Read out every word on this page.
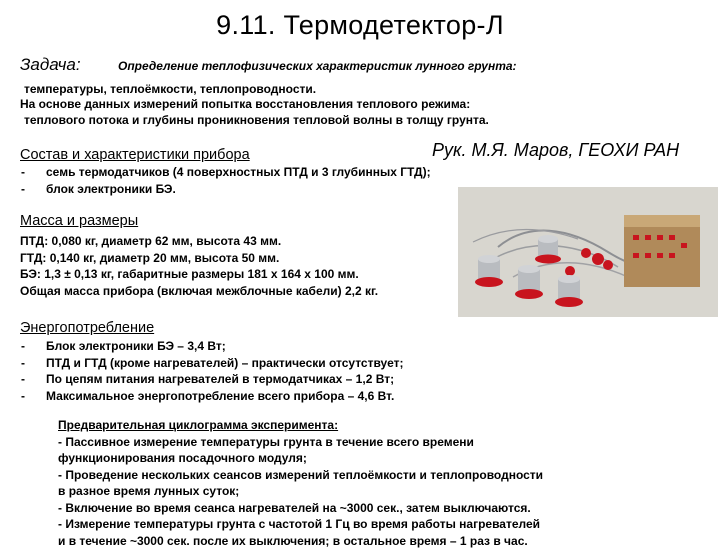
9.11. Термодетектор-Л
Задача:	Определение теплофизических характеристик лунного грунта:
температуры, теплоёмкости, теплопроводности.
На основе данных измерений попытка восстановления теплового режима:
теплового потока и глубины проникновения тепловой волны в толщу грунта.
Состав и характеристики прибора	Рук. М.Я. Маров, ГЕОХИ РАН
- семь термодатчиков (4 поверхностных ПТД и 3 глубинных ГТД);
- блок электроники БЭ.
Масса и размеры
ПТД: 0,080 кг, диаметр 62 мм, высота 43 мм.
ГТД: 0,140 кг, диаметр 20 мм, высота 50 мм.
БЭ: 1,3 ± 0,13 кг, габаритные размеры 181 х 164 х 100 мм.
Общая масса прибора (включая межблочные кабели) 2,2 кг.
Энергопотребление
- Блок электроники БЭ – 3,4 Вт;
- ПТД и ГТД (кроме нагревателей) – практически отсутствует;
- По цепям питания нагревателей в термодатчиках – 1,2 Вт;
- Максимальное энергопотребление всего прибора – 4,6 Вт.
Предварительная циклограмма эксперимента:
- Пассивное измерение температуры грунта в течение всего времени
функционирования посадочного модуля;
- Проведение нескольких сеансов измерений теплоёмкости и теплопроводности
в разное время лунных суток;
- Включение во время сеанса нагревателей на ~3000 сек., затем выключаются.
- Измерение температуры грунта с частотой 1 Гц во время работы нагревателей
и в течение ~3000 сек. после их выключения; в остальное время – 1 раз в час.
